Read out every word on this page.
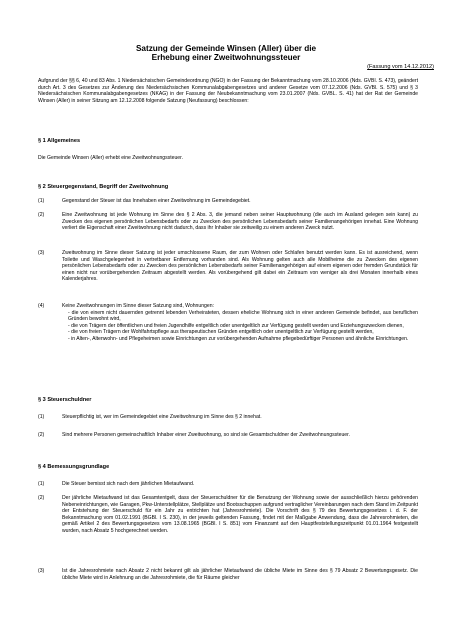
Satzung der Gemeinde Winsen (Aller) über die

Erhebung einer Zweitwohnungssteuer

(Fassung vom 14.12.2012)

Aufgrund der §§ 6, 40 und 83 Abs. 1 Niedersächsischen Gemeindeordnung (NGO) in der Fassung der Bekanntmachung vom 28.10.2006 (Nds. GVBl. S. 473), geändert durch Art. 3 des Gesetzes zur Änderung des Niedersächsischen Kommunalabgabengesetzes und anderer Gesetze vom 07.12.2006 (Nds. GVBl. S. 575) und § 3 Niedersächsischen Kommunalabgabengesetzes (NKAG) in der Fassung der Neubekanntmachung vom 23.01.2007 (Nds. GVBL. S. 41) hat der Rat der Gemeinde Winsen (Aller) in seiner Sitzung am 12.12.2008 folgende Satzung (Neufassung) beschlossen:

§ 1 Allgemeines

Die Gemeinde Winsen (Aller) erhebt eine Zweitwohnungssteuer.

§ 2 Steuergegenstand, Begriff der Zweitwohnung

(1)	Gegenstand der Steuer ist das Innehaben einer Zweitwohnung im Gemeindegebiet.
(2)	Eine Zweitwohnung ist jede Wohnung im Sinne des § 2 Abs. 3, die jemand neben seiner Hauptwohnung (die auch im Ausland gelegen sein kann) zu Zwecken des eigenen persönlichen Lebensbedarfs oder zu Zwecken des persönlichen Lebensbedarfs seiner Familienangehörigen innehat. Eine Wohnung verliert die Eigenschaft einer Zweitwohnung nicht dadurch, dass ihr Inhaber sie zeitweilig zu einem anderen Zweck nutzt.
(3)	Zweitwohnung im Sinne dieser Satzung ist jeder umschlossene Raum, der zum Wohnen oder Schlafen benutzt werden kann. Es ist ausreichend, wenn Toilette und Waschgelegenheit in vertretbarer Entfernung vorhanden sind. Als Wohnung gelten auch alle Mobilheime die zu Zwecken des eigenen persönlichen Lebensbedarfs oder zu Zwecken des persönlichen Lebensbedarfs seiner Familienangehörigen auf einem eigenen oder fremden Grundstück für einen nicht nur vorübergehenden Zeitraum abgestellt werden. Als vorübergehend gilt dabei ein Zeitraum von weniger als drei Monaten innerhalb eines Kalenderjahres.
(4)	Keine Zweitwohnungen im Sinne dieser Satzung sind, Wohnungen:
- die von einem nicht dauernden getrennt lebenden Verheirateten, dessen eheliche Wohnung sich in einer anderen Gemeinde befindet, aus beruflichen Gründen bewohnt wird,
- die von Trägern der öffentlichen und freien Jugendhilfe entgeltlich oder unentgeltlich zur Verfügung gestellt werden und Erziehungszwecken dienen,
- die von freien Trägern der Wohlfahrtspflege aus therapeutischen Gründen entgeltlich oder unentgeltlich zur Verfügung gestellt werden,
- in Alten-, Altenwohn- und Pflegeheimen sowie Einrichtungen zur vorübergehenden Aufnahme pflegebedürftiger Personen und ähnliche Einrichtungen.

§ 3 Steuerschuldner

(1)	Steuerpflichtig ist, wer im Gemeindegebiet eine Zweitwohnung im Sinne des § 2 innehat.
(2)	Sind mehrere Personen gemeinschaftlich Inhaber einer Zweitwohnung, so sind sie Gesamtschuldner der Zweitwohnungssteuer.

§ 4 Bemessungsgrundlage

(1)	Die Steuer bemisst sich nach dem jährlichen Mietaufwand.
(2)	Der jährliche Mietaufwand ist das Gesamtentgelt, dass der Steuerschuldner für die Benutzung der Wohnung sowie der ausschließlich hierzu gehörenden Nebeneinrichtungen, wie Garagen, Pkw-Unterstellplätze, Stellplätze und Bootsschuppen aufgrund vertraglicher Vereinbarungen nach dem Stand im Zeitpunkt der Entstehung der Steuerschuld für ein Jahr zu entrichten hat (Jahresrohmiete). Die Vorschrift des § 79 des Bewertungsgesetzes i. d. F. der Bekanntmachung vom 01.02.1991 (BGBl. I S. 230), in der jeweils geltenden Fassung, findet mit der Maßgabe Anwendung, dass die Jahresrohmieten, die gemäß Artikel 2 des Bewertungsgesetzes vom 13.08.1965 (BGBl. I S. 851) vom Finanzamt auf den Hauptfeststellungszeitpunkt 01.01.1964 festgestellt wurden, nach Absatz 5 hochgerechnet werden.
(3)	Ist die Jahresrohmiete nach Absatz 2 nicht bekannt gilt als jährlicher Mietaufwand die übliche Miete im Sinne des § 79 Absatz 2 Bewertungsgesetz. Die übliche Miete wird in Anlehnung an die Jahresrohmiete, die für Räume gleicher
